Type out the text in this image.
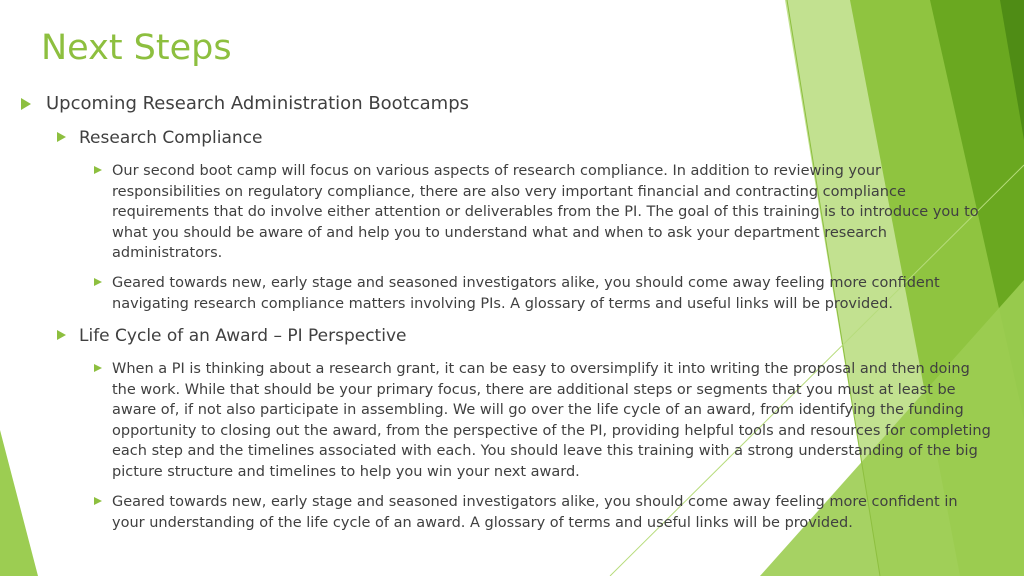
Next Steps
Upcoming Research Administration Bootcamps
Research Compliance
Our second boot camp will focus on various aspects of research compliance. In addition to reviewing your responsibilities on regulatory compliance, there are also very important financial and contracting compliance requirements that do involve either attention or deliverables from the PI. The goal of this training is to introduce you to what you should be aware of and help you to understand what and when to ask your department research administrators.
Geared towards new, early stage and seasoned investigators alike, you should come away feeling more confident navigating research compliance matters involving PIs. A glossary of terms and useful links will be provided.
Life Cycle of an Award – PI Perspective
When a PI is thinking about a research grant, it can be easy to oversimplify it into writing the proposal and then doing the work. While that should be your primary focus, there are additional steps or segments that you must at least be aware of, if not also participate in assembling. We will go over the life cycle of an award, from identifying the funding opportunity to closing out the award, from the perspective of the PI, providing helpful tools and resources for completing each step and the timelines associated with each. You should leave this training with a strong understanding of the big picture structure and timelines to help you win your next award.
Geared towards new, early stage and seasoned investigators alike, you should come away feeling more confident in your understanding of the life cycle of an award. A glossary of terms and useful links will be provided.
